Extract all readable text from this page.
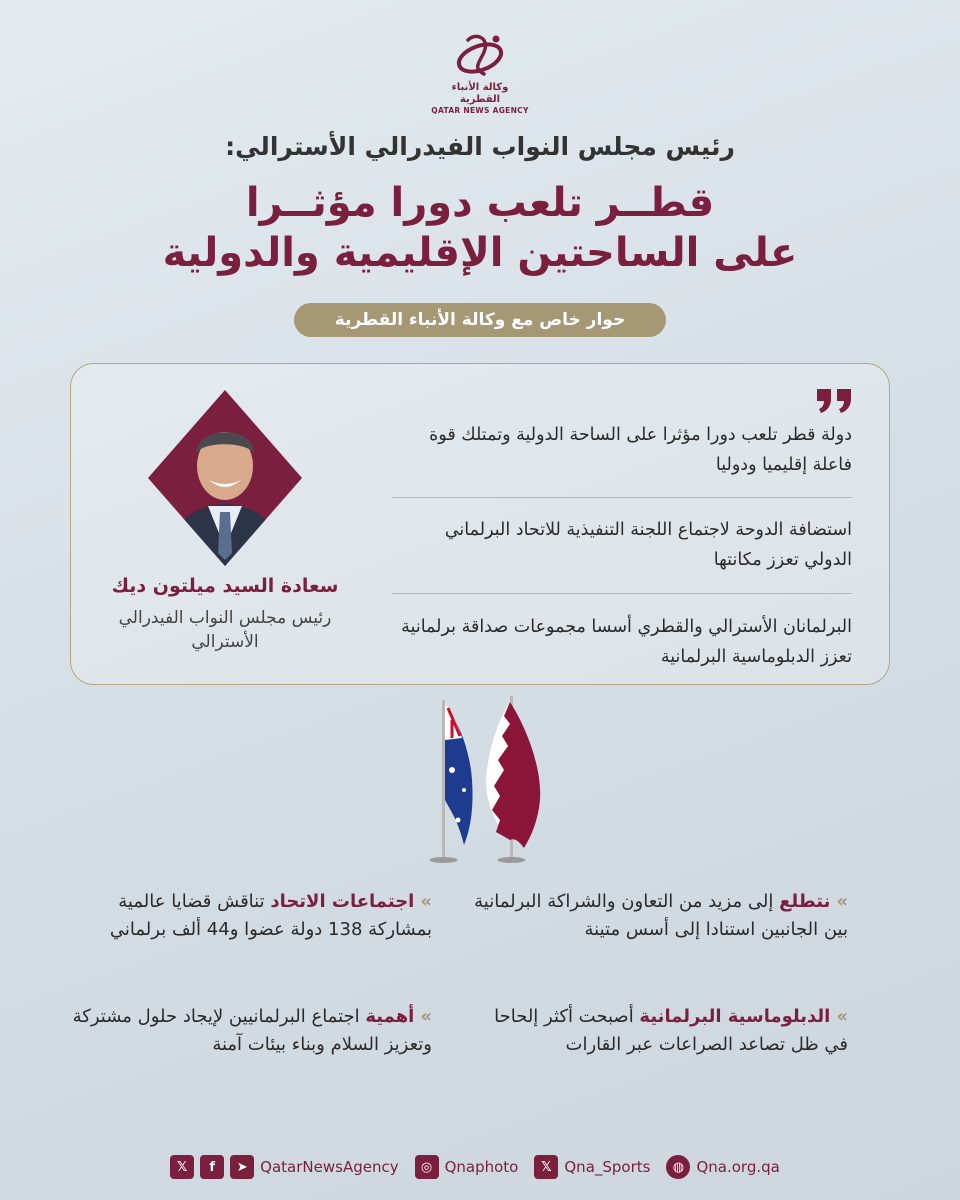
وكالة الأنباء القطرية
QATAR NEWS AGENCY
رئيس مجلس النواب الفيدرالي الأسترالي:
قطــر تلعب دورا مؤثــرا
على الساحتين الإقليمية والدولية
حوار خاص مع وكالة الأنباء القطرية
دولة قطر تلعب دورا مؤثرا على الساحة الدولية وتمتلك قوة فاعلة إقليميا ودوليا
استضافة الدوحة لاجتماع اللجنة التنفيذية للاتحاد البرلماني الدولي تعزز مكانتها
البرلمانان الأسترالي والقطري أسسا مجموعات صداقة برلمانية تعزز الدبلوماسية البرلمانية
سعادة السيد ميلتون ديك
رئيس مجلس النواب الفيدرالي الأسترالي
»نتطلع إلى مزيد من التعاون والشراكة البرلمانية بين الجانبين استنادا إلى أسس متينة
»اجتماعات الاتحاد تناقش قضايا عالمية بمشاركة 138 دولة عضوا و44 ألف برلماني
»الدبلوماسية البرلمانية أصبحت أكثر إلحاحا في ظل تصاعد الصراعات عبر القارات
»أهمية اجتماع البرلمانيين لإيجاد حلول مشتركة وتعزيز السلام وبناء بيئات آمنة
𝕏	f	➤ QatarNewsAgency	◎ Qnaphoto	𝕏 Qna_Sports	◍ Qna.org.qa
